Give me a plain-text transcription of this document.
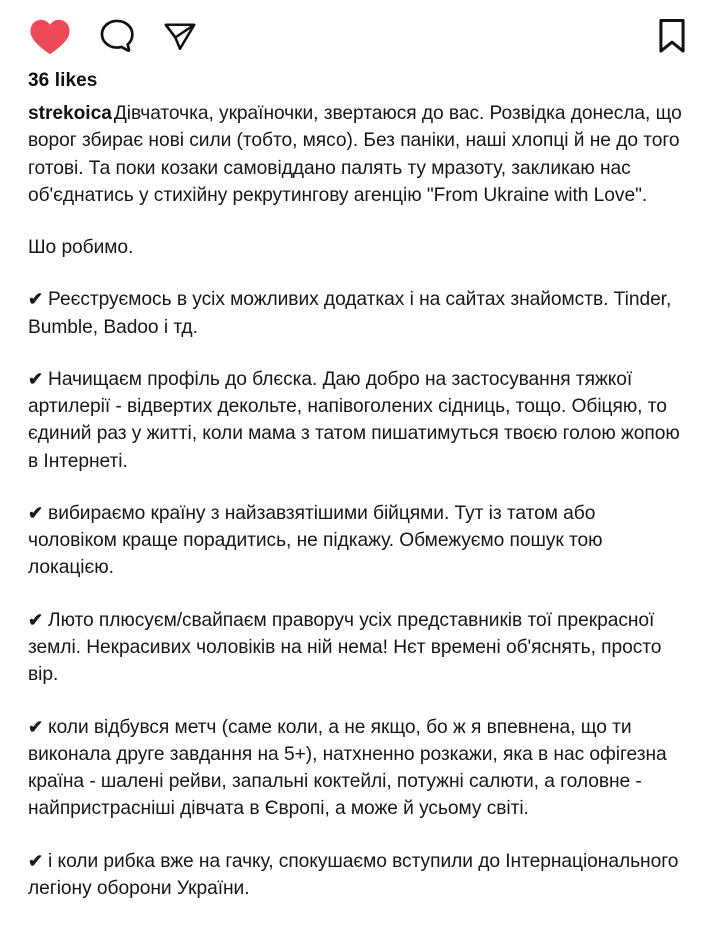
36 likes
strekoica Дівчаточка, україночки, звертаюся до вас. Розвідка донесла, що ворог збирає нові сили (тобто, мясо). Без паніки, наші хлопці й не до того готові. Та поки козаки самовіддано палять ту мразоту, закликаю нас об'єднатись у стихійну рекрутингову агенцію "From Ukraine with Love".
Шо робимо.
✔ Реєструємось в усіх можливих додатках і на сайтах знайомств. Tinder, Bumble, Badoo і тд.
✔ Начищаєм профіль до блєска. Даю добро на застосування тяжкої артилерії - відвертих декольте, напівоголених сідниць, тощо. Обіцяю, то єдиний раз у житті, коли мама з татом пишатимуться твоєю голою жопою в Інтернеті.
✔ вибираємо країну з найзавзятішими бійцями. Тут із татом або чоловіком краще порадитись, не підкажу. Обмежуємо пошук тою локацією.
✔ Люто плюсуєм/свайпаєм праворуч усіх представників тої прекрасної землі. Некрасивих чоловіків на ній нема! Нєт времені об'яснять, просто вір.
✔ коли відбувся метч (саме коли, а не якщо, бо ж я впевнена, що ти виконала друге завдання на 5+), натхненно розкажи, яка в нас офігезна країна - шалені рейви, запальні коктейлі, потужні салюти, а головне - найпристрасніші дівчата в Європі, а може й усьому світі.
✔ і коли рибка вже на гачку, спокушаємо вступили до Інтернаціонального легіону оборони України.
